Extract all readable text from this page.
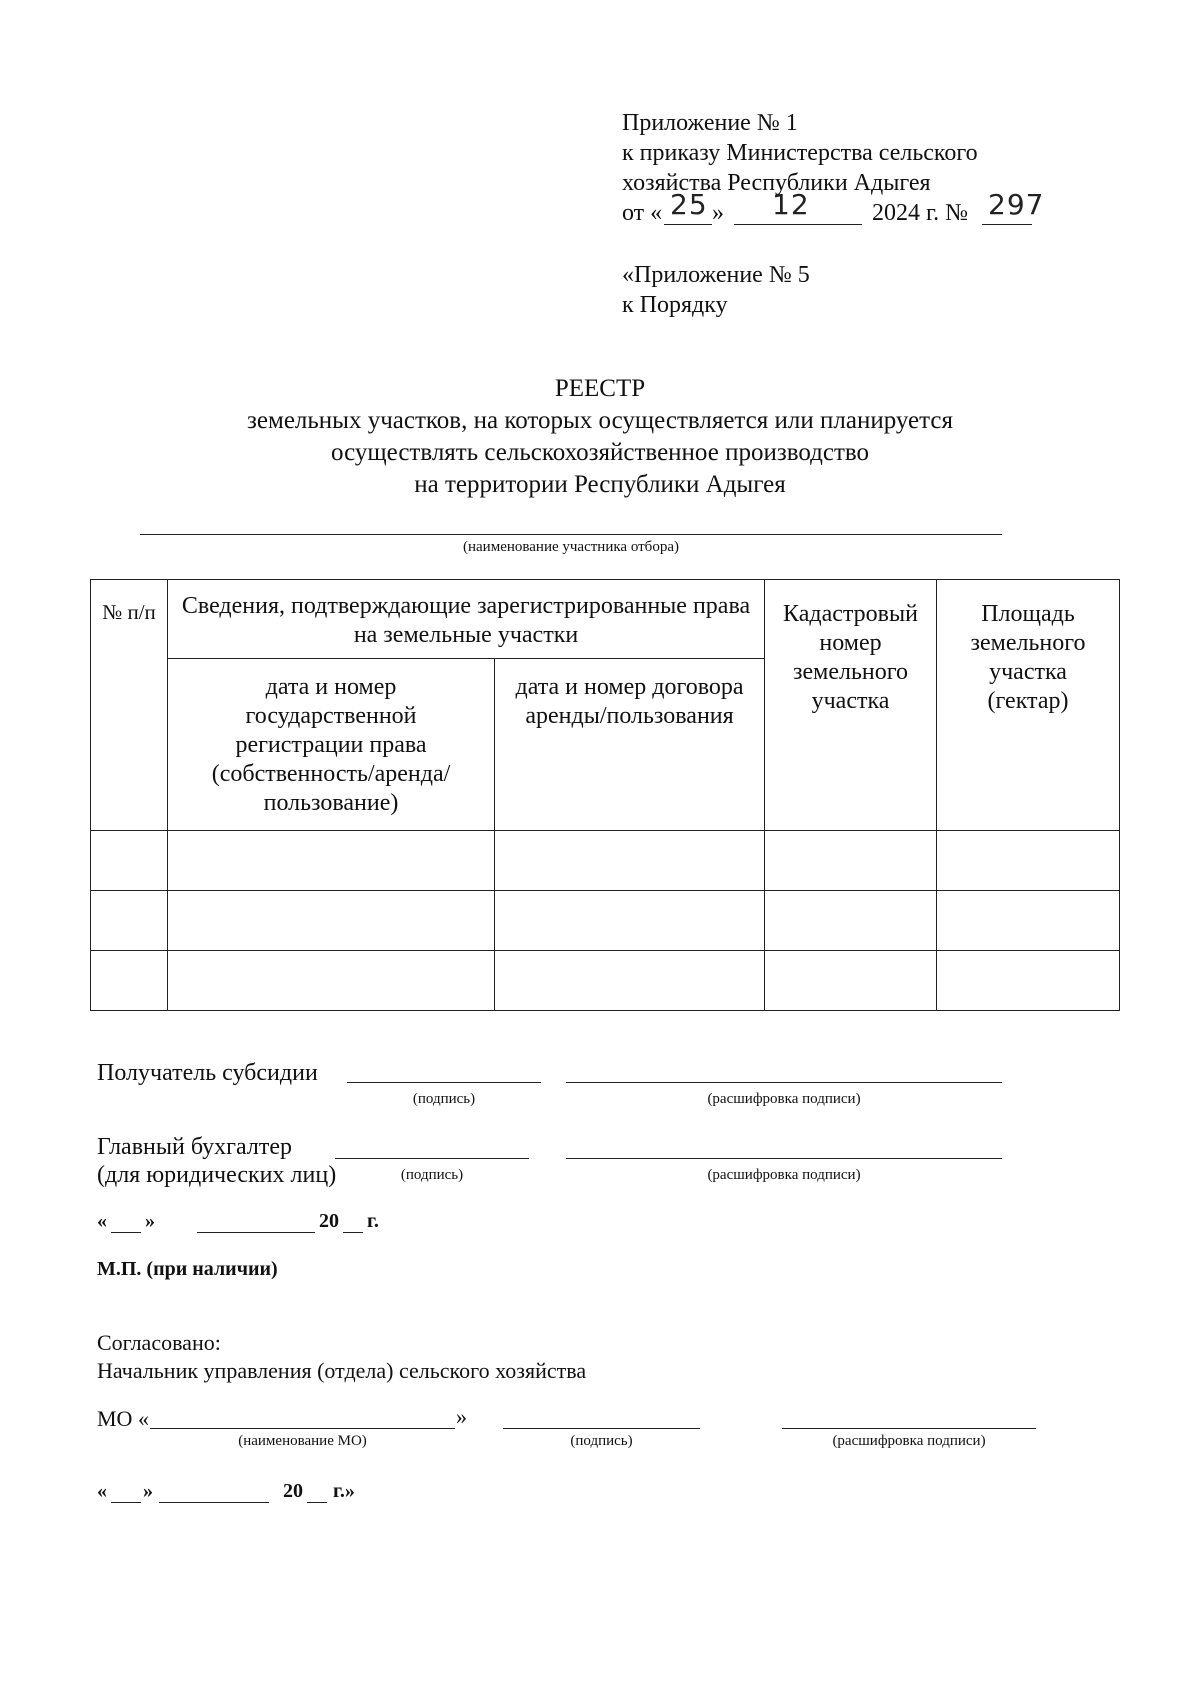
Приложение № 1
к приказу Министерства сельского
хозяйства Республики Адыгея
от « 25 » 12	2024 г. № 297
«Приложение № 5
к Порядку
РЕЕСТР
земельных участков, на которых осуществляется или планируется
осуществлять сельскохозяйственное производство
на территории Республики Адыгея
(наименование участника отбора)
№ п/п	Сведения, подтверждающие зарегистрированные права на земельные участки		Кадастровый номер земельного участка	Площадь земельного участка (гектар)
	дата и номер государственной регистрации права (собственность/аренда/ пользование)	дата и номер договора аренды/пользования		

Получатель субсидии
(подпись)	(расшифровка подписи)
Главный бухгалтер
(для юридических лиц)	(подпись)	(расшифровка подписи)
« »	20 г.
М.П. (при наличии)
Согласовано:
Начальник управления (отдела) сельского хозяйства
МО «	»
(наименование МО)	(подпись)	(расшифровка подписи)
« »	20 г.»
